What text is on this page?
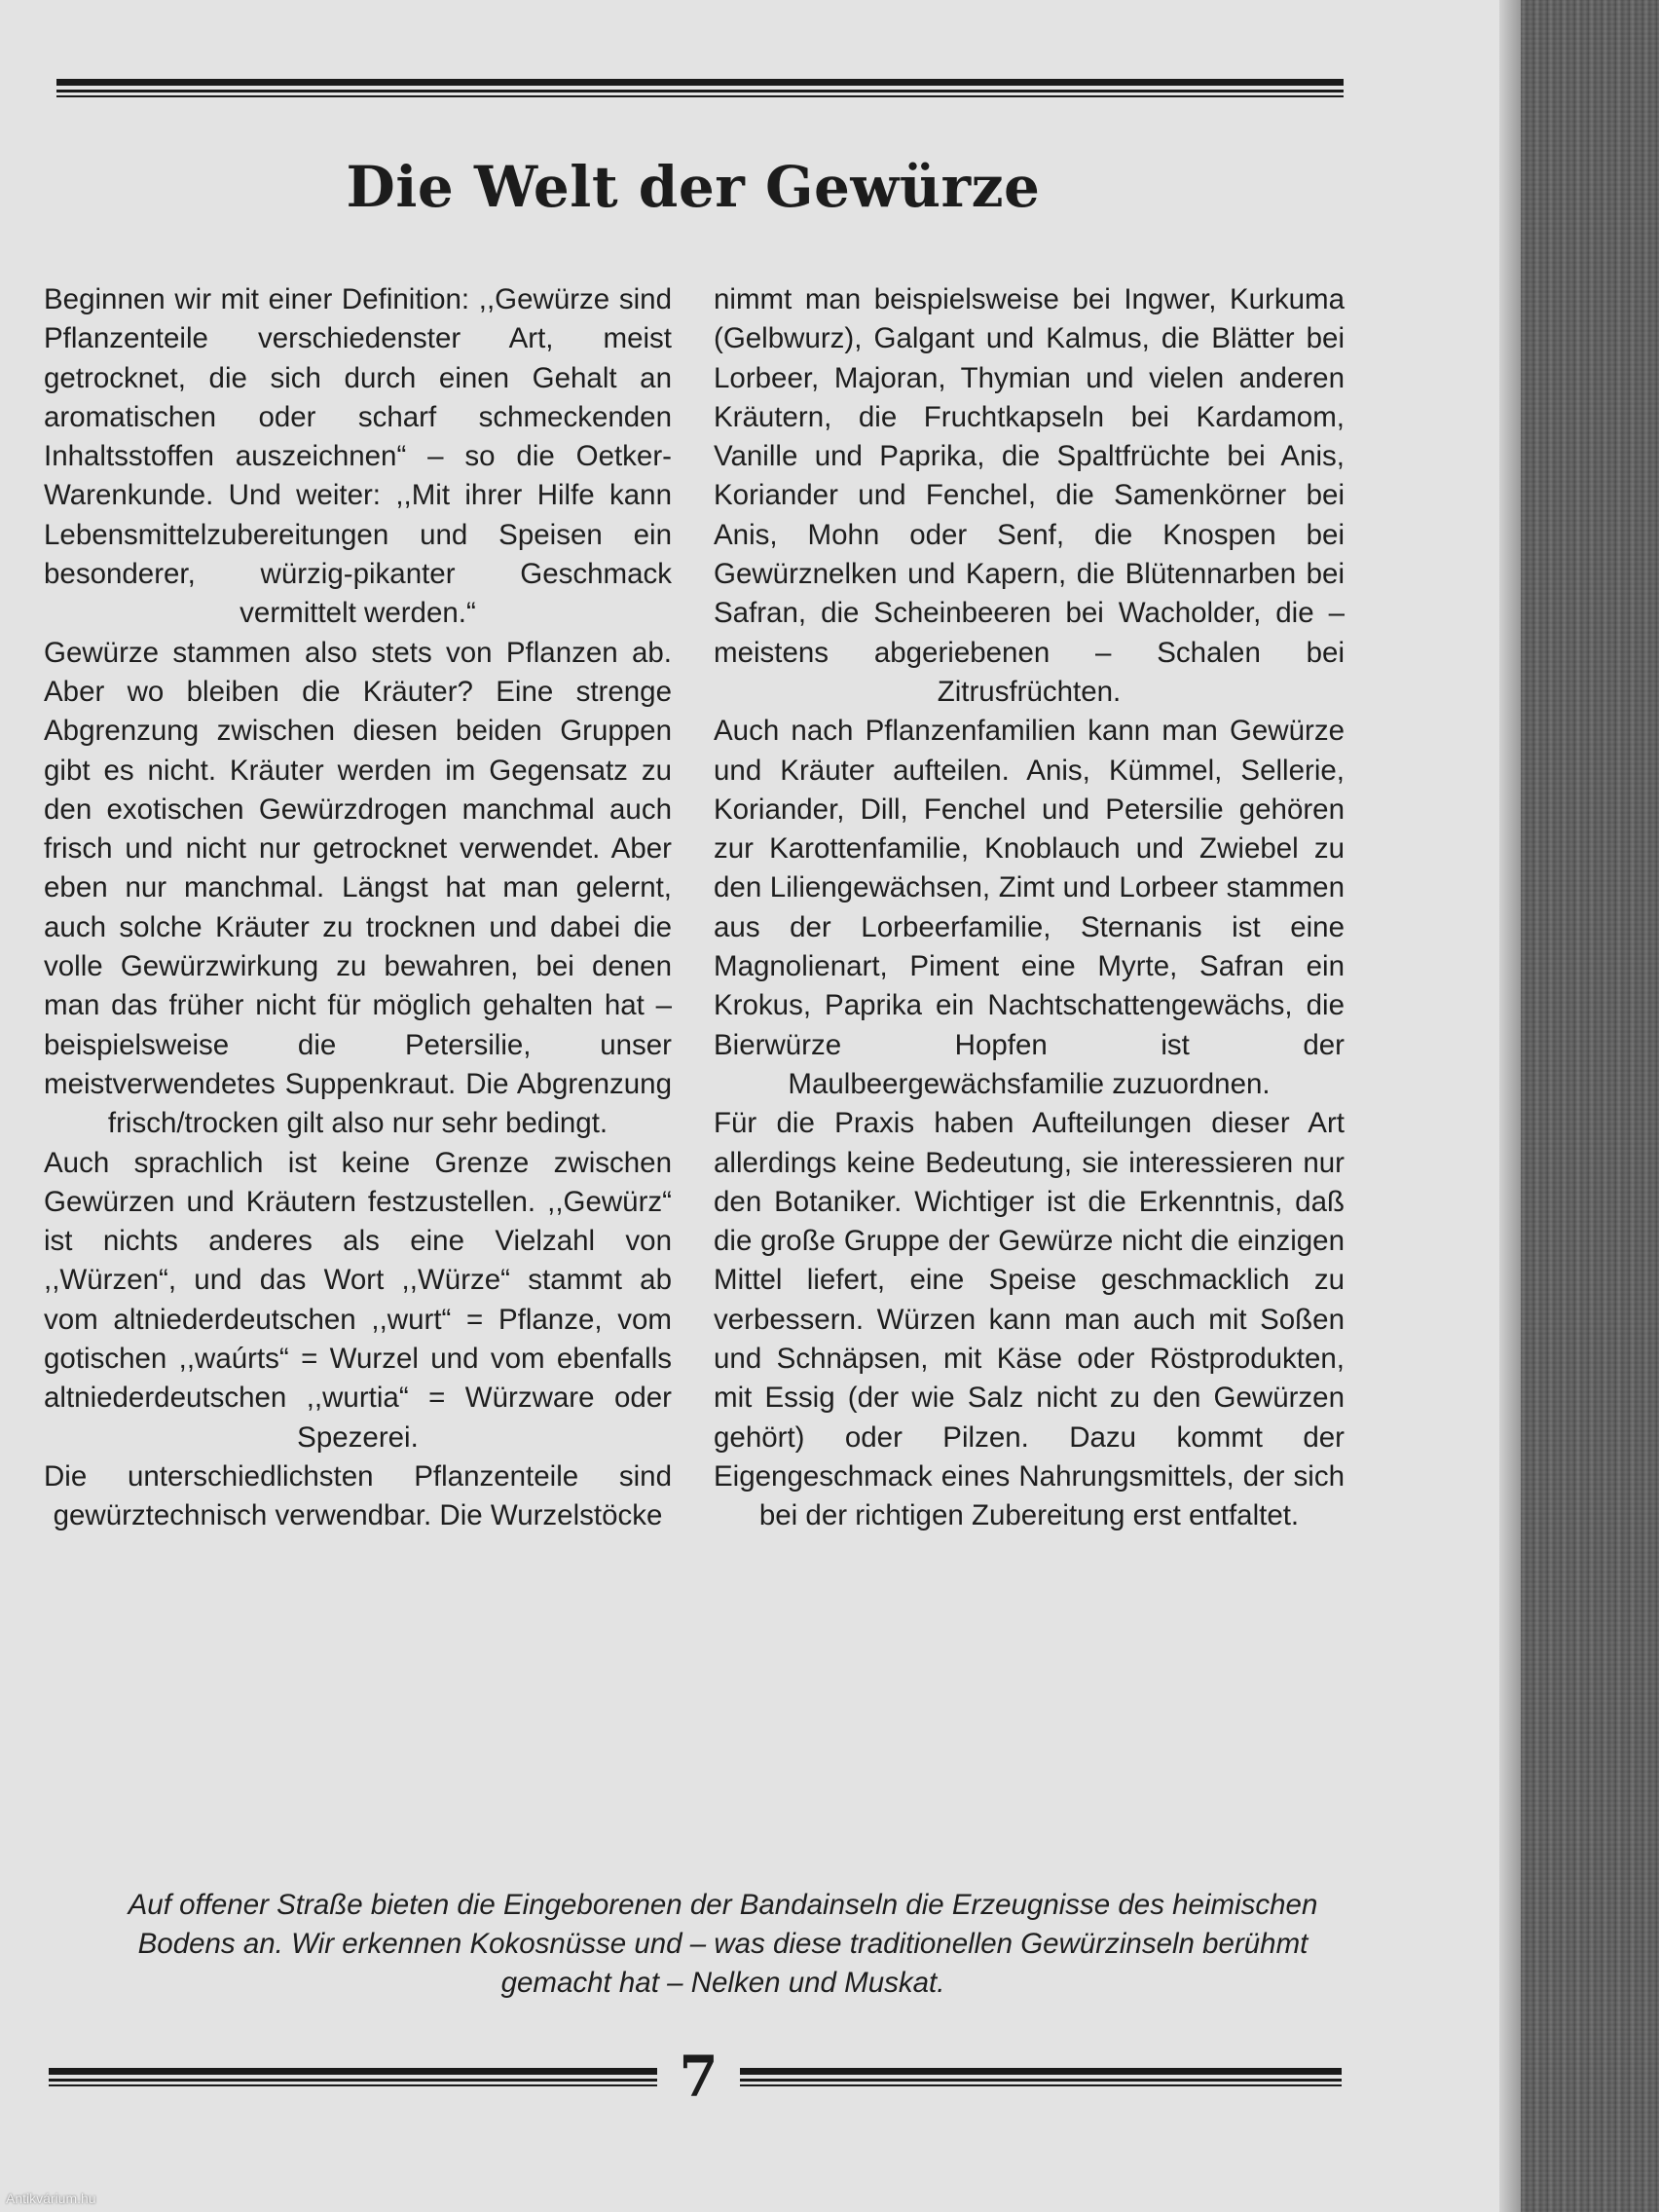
Die Welt der Gewürze

Beginnen wir mit einer Definition: ,,Gewürze sind Pflanzenteile verschiedenster Art, meist getrocknet, die sich durch einen Gehalt an aromatischen oder scharf schmeckenden Inhaltsstoffen auszeichnen“ – so die Oetker-Warenkunde. Und weiter: ,,Mit ihrer Hilfe kann Lebensmittelzubereitungen und Speisen ein besonderer, würzig-pikanter Geschmack vermittelt werden.“

Gewürze stammen also stets von Pflanzen ab. Aber wo bleiben die Kräuter? Eine strenge Abgrenzung zwischen diesen beiden Gruppen gibt es nicht. Kräuter werden im Gegensatz zu den exotischen Gewürzdrogen manchmal auch frisch und nicht nur getrocknet verwendet. Aber eben nur manchmal. Längst hat man gelernt, auch solche Kräuter zu trocknen und dabei die volle Gewürzwirkung zu bewahren, bei denen man das früher nicht für möglich gehalten hat – beispielsweise die Petersilie, unser meistverwendetes Suppenkraut. Die Abgrenzung frisch/trocken gilt also nur sehr bedingt.

Auch sprachlich ist keine Grenze zwischen Gewürzen und Kräutern festzustellen. ,,Gewürz“ ist nichts anderes als eine Vielzahl von ,,Würzen“, und das Wort ,,Würze“ stammt ab vom altniederdeutschen ,,wurt“ = Pflanze, vom gotischen ,,waúrts“ = Wurzel und vom ebenfalls altniederdeutschen ,,wurtia“ = Würzware oder Spezerei.

Die unterschiedlichsten Pflanzenteile sind gewürztechnisch verwendbar. Die Wurzelstöcke

nimmt man beispielsweise bei Ingwer, Kurkuma (Gelbwurz), Galgant und Kalmus, die Blätter bei Lorbeer, Majoran, Thymian und vielen anderen Kräutern, die Fruchtkapseln bei Kardamom, Vanille und Paprika, die Spaltfrüchte bei Anis, Koriander und Fenchel, die Samenkörner bei Anis, Mohn oder Senf, die Knospen bei Gewürznelken und Kapern, die Blütennarben bei Safran, die Scheinbeeren bei Wacholder, die – meistens abgeriebenen – Schalen bei Zitrusfrüchten.

Auch nach Pflanzenfamilien kann man Gewürze und Kräuter aufteilen. Anis, Kümmel, Sellerie, Koriander, Dill, Fenchel und Petersilie gehören zur Karottenfamilie, Knoblauch und Zwiebel zu den Liliengewächsen, Zimt und Lorbeer stammen aus der Lorbeerfamilie, Sternanis ist eine Magnolienart, Piment eine Myrte, Safran ein Krokus, Paprika ein Nachtschattengewächs, die Bierwürze Hopfen ist der Maulbeergewächsfamilie zuzuordnen.

Für die Praxis haben Aufteilungen dieser Art allerdings keine Bedeutung, sie interessieren nur den Botaniker. Wichtiger ist die Erkenntnis, daß die große Gruppe der Gewürze nicht die einzigen Mittel liefert, eine Speise geschmacklich zu verbessern. Würzen kann man auch mit Soßen und Schnäpsen, mit Käse oder Röstprodukten, mit Essig (der wie Salz nicht zu den Gewürzen gehört) oder Pilzen. Dazu kommt der Eigengeschmack eines Nahrungsmittels, der sich bei der richtigen Zubereitung erst entfaltet.

Auf offener Straße bieten die Eingeborenen der Bandainseln die Erzeugnisse des heimischen Bodens an. Wir erkennen Kokosnüsse und – was diese traditionellen Gewürzinseln berühmt gemacht hat – Nelken und Muskat.

7
Antikvárium.hu
